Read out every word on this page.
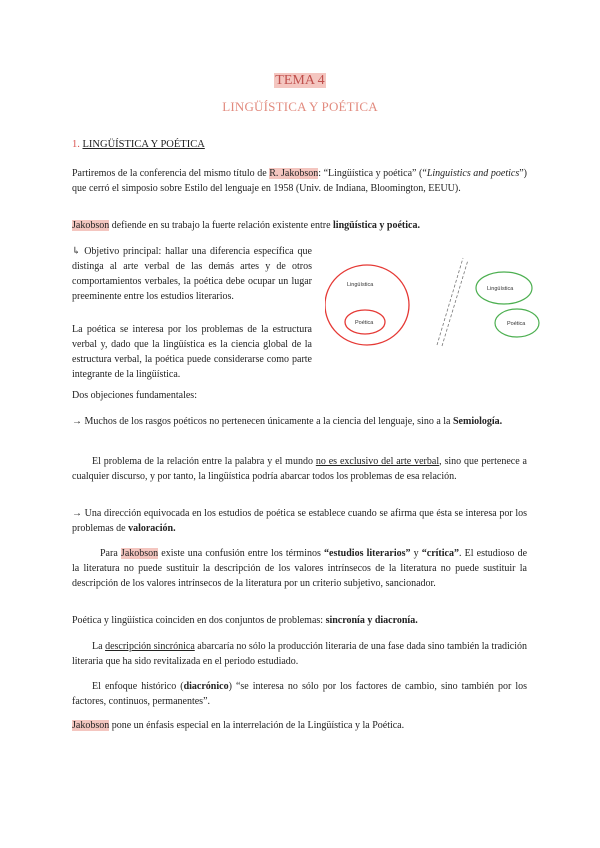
TEMA 4
LINGÜÍSTICA Y POÉTICA
1. LINGÜÍSTICA Y POÉTICA

Partiremos de la conferencia del mismo título de R. Jakobson: “Lingüística y poética” (“Linguistics and poetics”) que cerró el simposio sobre Estilo del lenguaje en 1958 (Univ. de Indiana, Bloomington, EEUU).

Jakobson defiende en su trabajo la fuerte relación existente entre lingüística y poética.

↳ Objetivo principal: hallar una diferencia específica que distinga al arte verbal de las demás artes y de otros comportamientos verbales, la poética debe ocupar un lugar preeminente entre los estudios literarios.

La poética se interesa por los problemas de la estructura verbal y, dado que la lingüística es la ciencia global de la estructura verbal, la poética puede considerarse como parte integrante de la lingüística.

Lingüística
Poética
Lingüística
Poética

Dos objeciones fundamentales:

→ Muchos de los rasgos poéticos no pertenecen únicamente a la ciencia del lenguaje, sino a la Semiología.

El problema de la relación entre la palabra y el mundo no es exclusivo del arte verbal, sino que pertenece a cualquier discurso, y por tanto, la lingüística podría abarcar todos los problemas de esa relación.

→ Una dirección equivocada en los estudios de poética se establece cuando se afirma que ésta se interesa por los problemas de valoración.

Para Jakobson existe una confusión entre los términos “estudios literarios” y “crítica”. El estudioso de la literatura no puede sustituir la descripción de los valores intrínsecos de la literatura no puede sustituir la descripción de los valores intrínsecos de la literatura por un criterio subjetivo, sancionador.

Poética y lingüística coinciden en dos conjuntos de problemas: sincronía y diacronía.

La descripción sincrónica abarcaría no sólo la producción literaria de una fase dada sino también la tradición literaria que ha sido revitalizada en el periodo estudiado.

El enfoque histórico (diacrónico) “se interesa no sólo por los factores de cambio, sino también por los factores, continuos, permanentes”.

Jakobson pone un énfasis especial en la interrelación de la Lingüística y la Poética.
